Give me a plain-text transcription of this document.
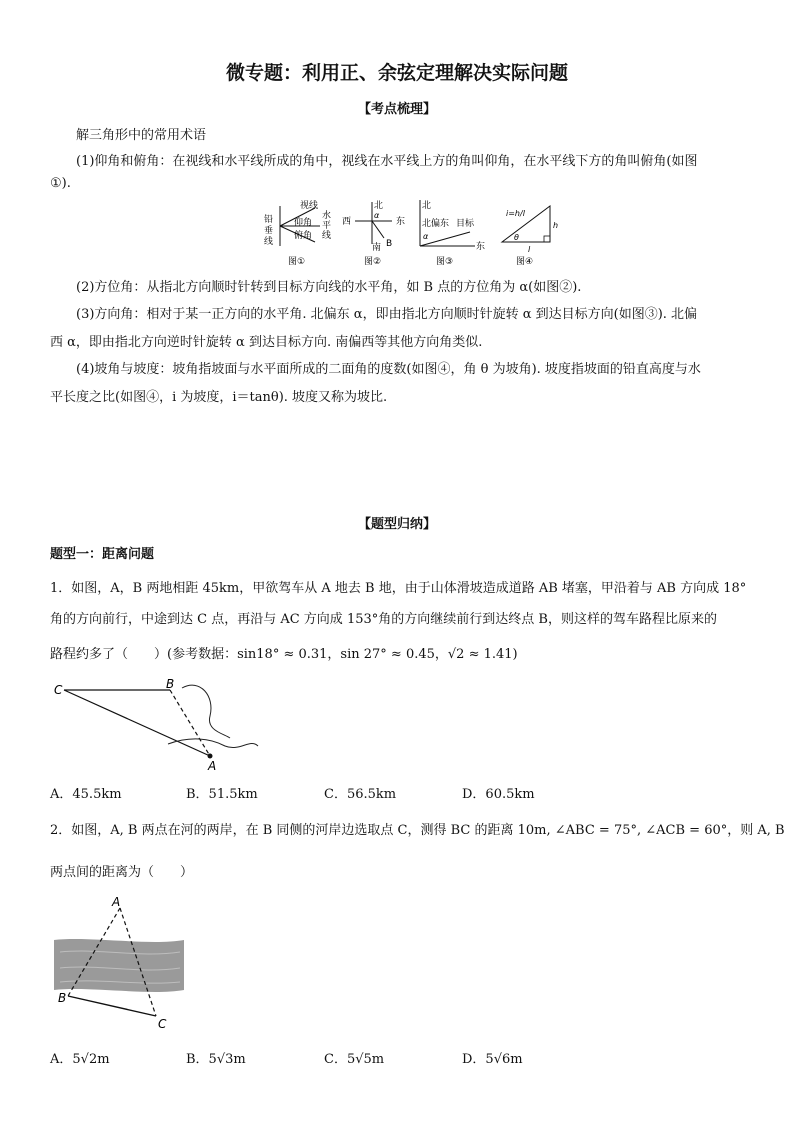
微专题：利用正、余弦定理解决实际问题
【考点梳理】
解三角形中的常用术语
(1)仰角和俯角：在视线和水平线所成的角中，视线在水平线上方的角叫仰角，在水平线下方的角叫俯角(如图
①).
铅
垂
线
视线
仰角
俯角
水
平
线
图①
北
西	东
α
南 B
图②
北
北偏东 目标
α
东
图③
i=h/l
θ
h
l
图④
(2)方位角：从指北方向顺时针转到目标方向线的水平角，如 B 点的方位角为 α(如图②).
(3)方向角：相对于某一正方向的水平角. 北偏东 α，即由指北方向顺时针旋转 α 到达目标方向(如图③). 北偏
西 α，即由指北方向逆时针旋转 α 到达目标方向. 南偏西等其他方向角类似.
(4)坡角与坡度：坡角指坡面与水平面所成的二面角的度数(如图④，角 θ 为坡角). 坡度指坡面的铅直高度与水
平长度之比(如图④，i 为坡度，i＝tanθ). 坡度又称为坡比.
【题型归纳】
题型一：距离问题
1．如图，A，B 两地相距 45km，甲欲驾车从 A 地去 B 地，由于山体滑坡造成道路 AB 堵塞，甲沿着与 AB 方向成 18°
角的方向前行，中途到达 C 点，再沿与 AC 方向成 153°角的方向继续前行到达终点 B，则这样的驾车路程比原来的
路程约多了（　　）(参考数据：sin18° ≈ 0.31，sin 27° ≈ 0.45，√2 ≈ 1.41)
C	B
A
A．45.5km	B．51.5km	C．56.5km	D．60.5km
2．如图，A, B 两点在河的两岸，在 B 同侧的河岸边选取点 C，测得 BC 的距离 10m, ∠ABC = 75°, ∠ACB = 60°，则 A, B
两点间的距离为（　　）
A
B
C
A．5√2m	B．5√3m	C．5√5m	D．5√6m
